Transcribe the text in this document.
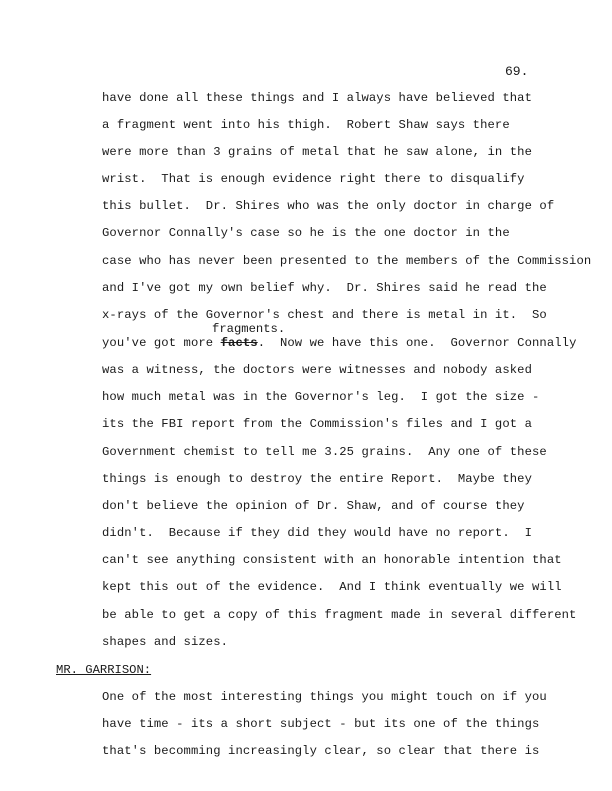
69.
have done all these things and I always have believed that
a fragment went into his thigh.  Robert Shaw says there
were more than 3 grains of metal that he saw alone, in the
wrist.  That is enough evidence right there to disqualify
this bullet.  Dr. Shires who was the only doctor in charge of
Governor Connally's case so he is the one doctor in the
case who has never been presented to the members of the Commission
and I've got my own belief why.  Dr. Shires said he read the
x-rays of the Governor's chest and there is metal in it.  So
fragments.
you've got more facts.  Now we have this one.  Governor Connally
was a witness, the doctors were witnesses and nobody asked
how much metal was in the Governor's leg.  I got the size -
its the FBI report from the Commission's files and I got a
Government chemist to tell me 3.25 grains.  Any one of these
things is enough to destroy the entire Report.  Maybe they
don't believe the opinion of Dr. Shaw, and of course they
didn't.  Because if they did they would have no report.  I
can't see anything consistent with an honorable intention that
kept this out of the evidence.  And I think eventually we will
be able to get a copy of this fragment made in several different
shapes and sizes.
MR. GARRISON:
One of the most interesting things you might touch on if you
have time - its a short subject - but its one of the things
that's becomming increasingly clear, so clear that there is
